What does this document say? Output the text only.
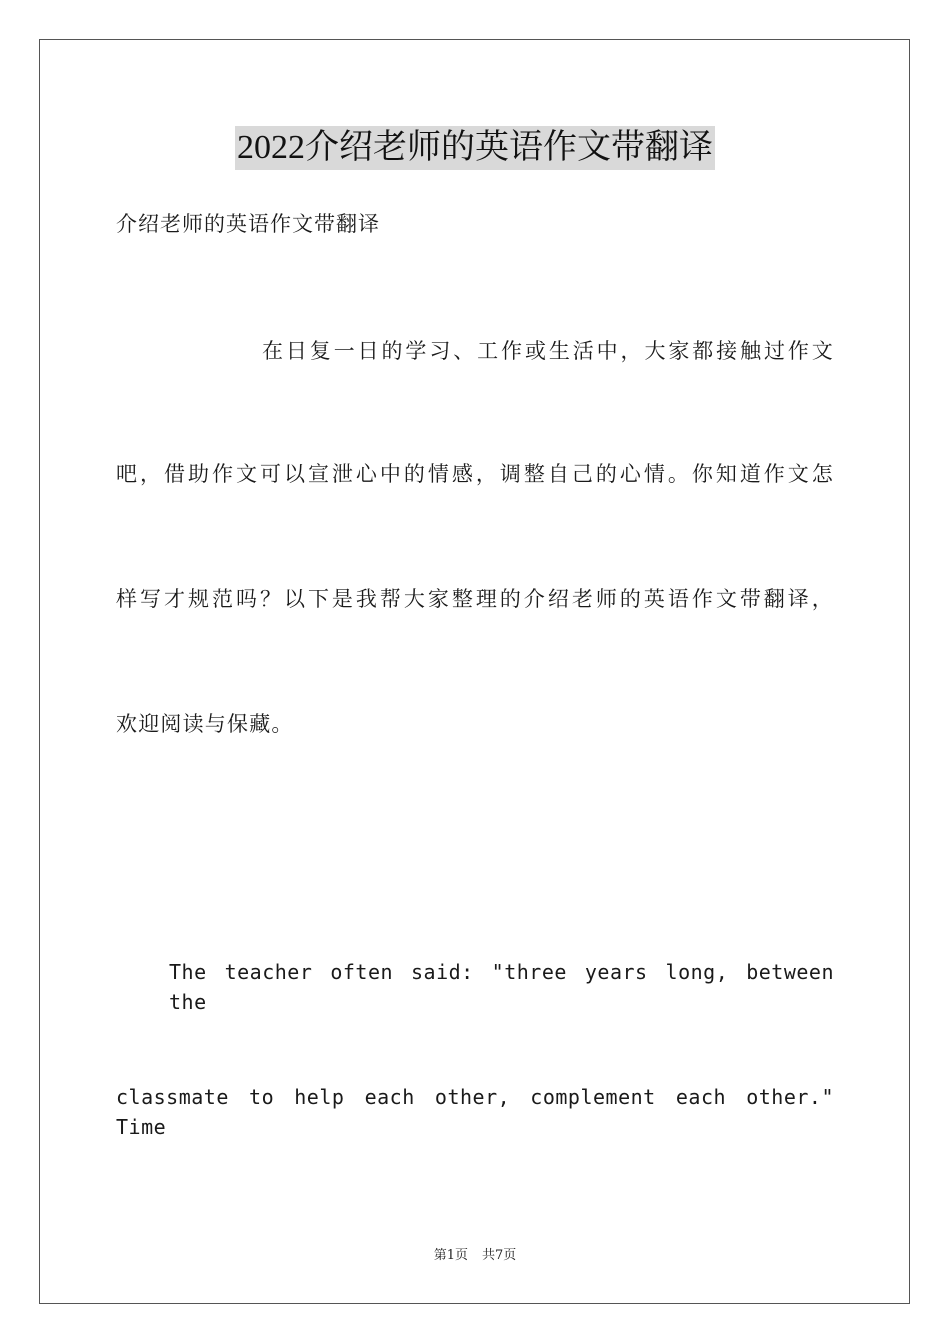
2022介绍老师的英语作文带翻译
介绍老师的英语作文带翻译
在日复一日的学习、工作或生活中，大家都接触过作文
吧，借助作文可以宣泄心中的情感，调整自己的心情。你知道作文怎
样写才规范吗？以下是我帮大家整理的介绍老师的英语作文带翻译，
欢迎阅读与保藏。
The teacher often said: "three years long, between the
classmate to help each other, complement each other." Time
第1页 共7页
